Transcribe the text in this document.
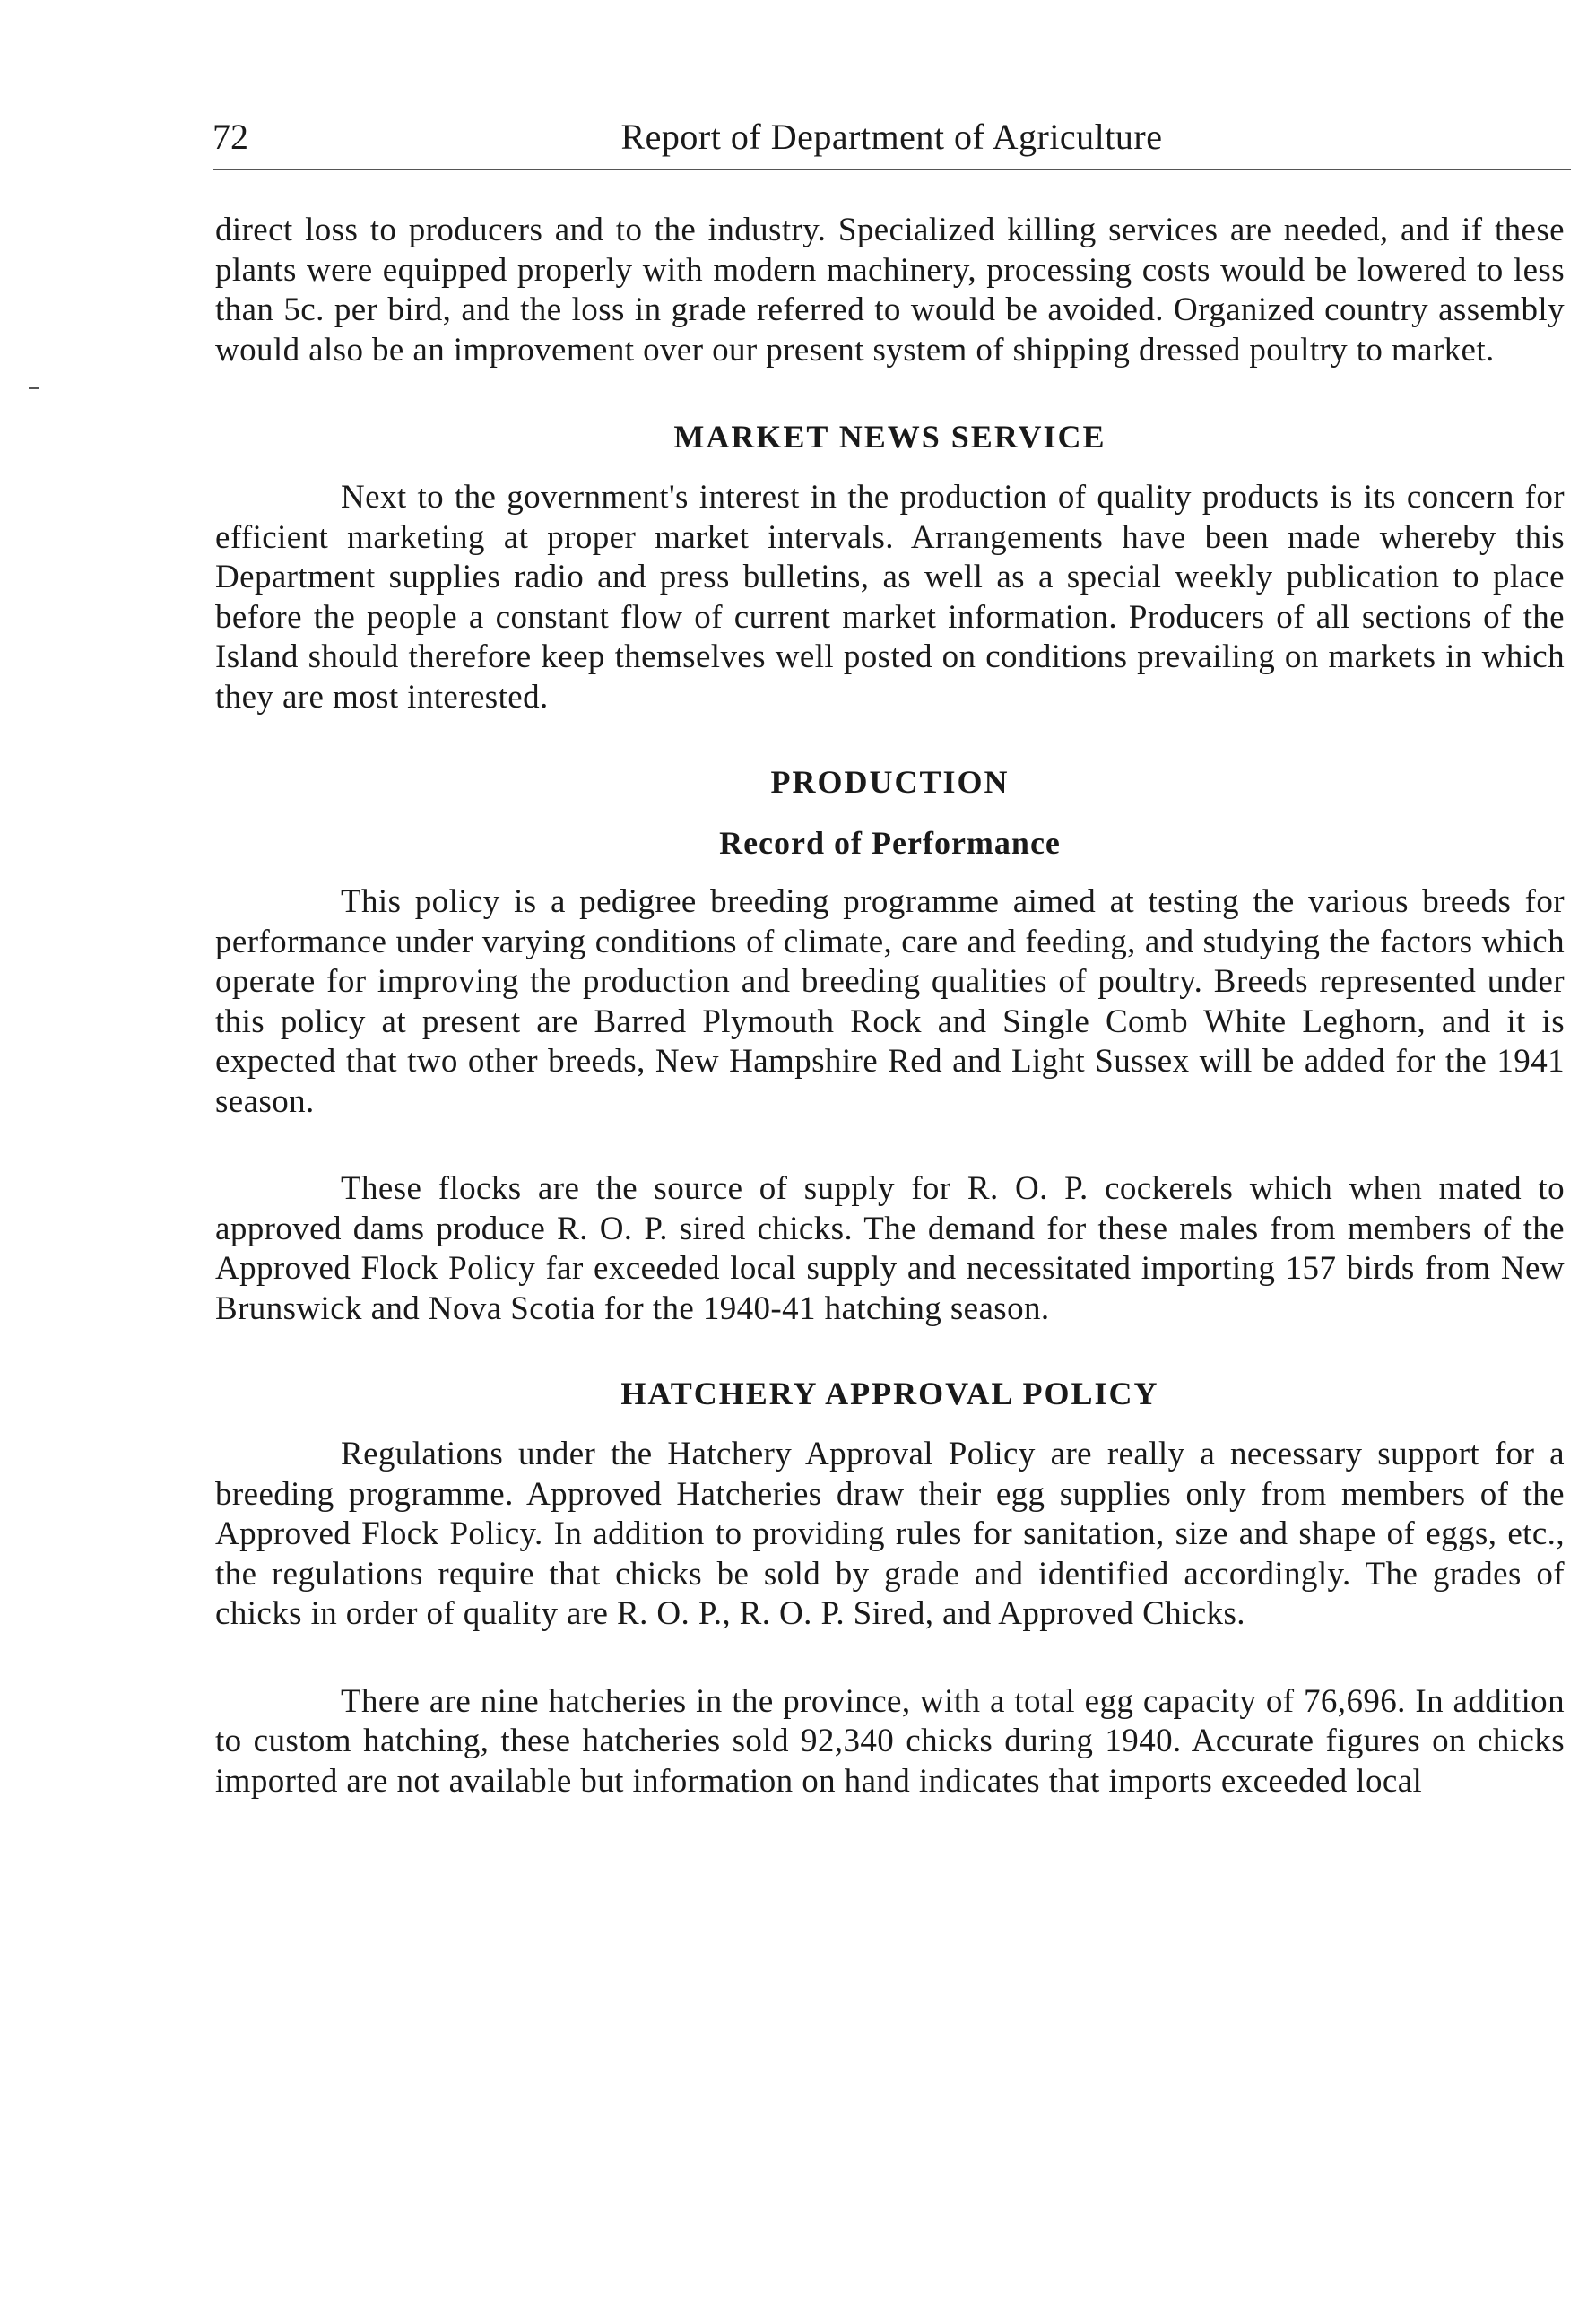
72	Report of Department of Agriculture

direct loss to producers and to the industry. Specialized killing services are needed, and if these plants were equipped properly with modern machinery, processing costs would be lowered to less than 5c. per bird, and the loss in grade referred to would be avoided. Organized country assembly would also be an improvement over our present system of shipping dressed poultry to market.

MARKET NEWS SERVICE

Next to the government's interest in the production of quality products is its concern for efficient marketing at proper market intervals. Arrangements have been made whereby this Department supplies radio and press bulletins, as well as a special weekly publication to place before the people a constant flow of current market information. Producers of all sections of the Island should therefore keep themselves well posted on conditions prevailing on markets in which they are most interested.

PRODUCTION
Record of Performance

This policy is a pedigree breeding programme aimed at testing the various breeds for performance under varying conditions of climate, care and feeding, and studying the factors which operate for improving the production and breeding qualities of poultry. Breeds represented under this policy at present are Barred Plymouth Rock and Single Comb White Leghorn, and it is expected that two other breeds, New Hampshire Red and Light Sussex will be added for the 1941 season.

These flocks are the source of supply for R. O. P. cockerels which when mated to approved dams produce R. O. P. sired chicks. The demand for these males from members of the Approved Flock Policy far exceeded local supply and necessitated importing 157 birds from New Brunswick and Nova Scotia for the 1940-41 hatching season.

HATCHERY APPROVAL POLICY

Regulations under the Hatchery Approval Policy are really a necessary support for a breeding programme. Approved Hatcheries draw their egg supplies only from members of the Approved Flock Policy. In addition to providing rules for sanitation, size and shape of eggs, etc., the regulations require that chicks be sold by grade and identified accordingly. The grades of chicks in order of quality are R. O. P., R. O. P. Sired, and Approved Chicks.

There are nine hatcheries in the province, with a total egg capacity of 76,696. In addition to custom hatching, these hatcheries sold 92,340 chicks during 1940. Accurate figures on chicks imported are not available but information on hand indicates that imports exceeded local
